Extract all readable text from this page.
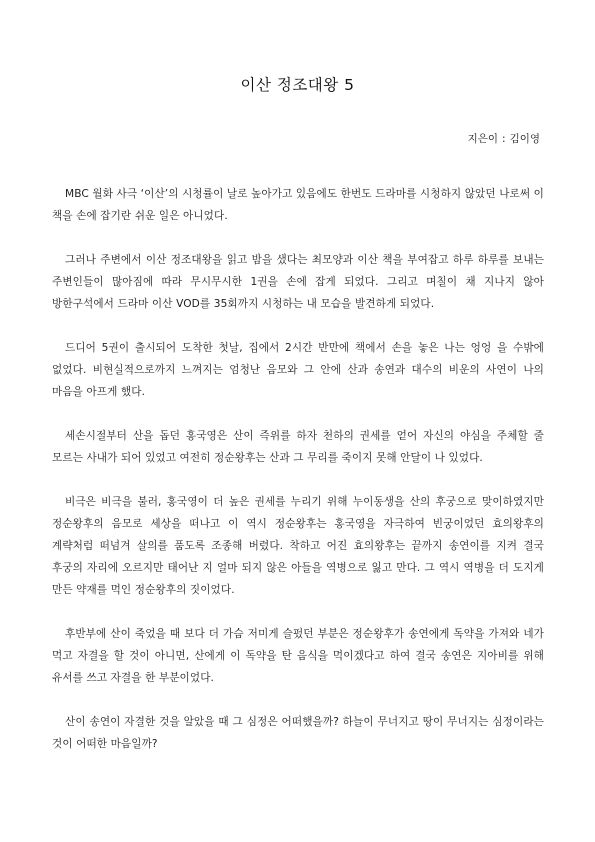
이산 정조대왕 5
지은이 : 김이영

MBC 월화 사극 ‘이산’의 시청률이 날로 높아가고 있음에도 한번도 드라마를 시청하지 않았던 나로써 이 책을 손에 잡기란 쉬운 일은 아니었다.

그러나 주변에서 이산 정조대왕을 읽고 밤을 샜다는 최모양과 이산 책을 부여잡고 하루 하루를 보내는 주변인들이 많아짐에 따라 무시무시한 1권을 손에 잡게 되었다. 그리고 며칠이 채 지나지 않아 방한구석에서 드라마 이산 VOD를 35회까지 시청하는 내 모습을 발견하게 되었다.

드디어 5권이 출시되어 도착한 첫날, 집에서 2시간 반만에 책에서 손을 놓은 나는 엉엉 을 수밖에 없었다. 비현실적으로까지 느껴지는 엄청난 음모와 그 안에 산과 송연과 대수의 비운의 사연이 나의 마음을 아프게 했다.

세손시절부터 산을 돕던 홍국영은 산이 즉위를 하자 천하의 권세를 얻어 자신의 야심을 주체할 줄 모르는 사내가 되어 있었고 여전히 정순왕후는 산과 그 무리를 죽이지 못해 안달이 나 있었다.

비극은 비극을 불러, 홍국영이 더 높은 권세를 누리기 위해 누이동생을 산의 후궁으로 맞이하였지만 정순왕후의 음모로 세상을 떠나고 이 역시 정순왕후는 홍국영을 자극하여 빈궁이었던 효의왕후의 계략처럼 떠넘겨 살의를 품도록 조종해 버렸다. 착하고 어진 효의왕후는 끝까지 송연이를 지켜 결국 후궁의 자리에 오르지만 태어난 지 얼마 되지 않은 아들을 역병으로 잃고 만다. 그 역시 역병을 더 도지게 만든 약재를 먹인 정순왕후의 짓이었다.

후반부에 산이 죽었을 때 보다 더 가슴 저미게 슬펐던 부분은 정순왕후가 송연에게 독약을 가져와 네가 먹고 자결을 할 것이 아니면, 산에게 이 독약을 탄 음식을 먹이겠다고 하여 결국 송연은 지아비를 위해 유서를 쓰고 자결을 한 부분이었다.

산이 송연이 자결한 것을 알았을 때 그 심정은 어떠했을까? 하늘이 무너지고 땅이 무너지는 심정이라는 것이 어떠한 마음일까?
